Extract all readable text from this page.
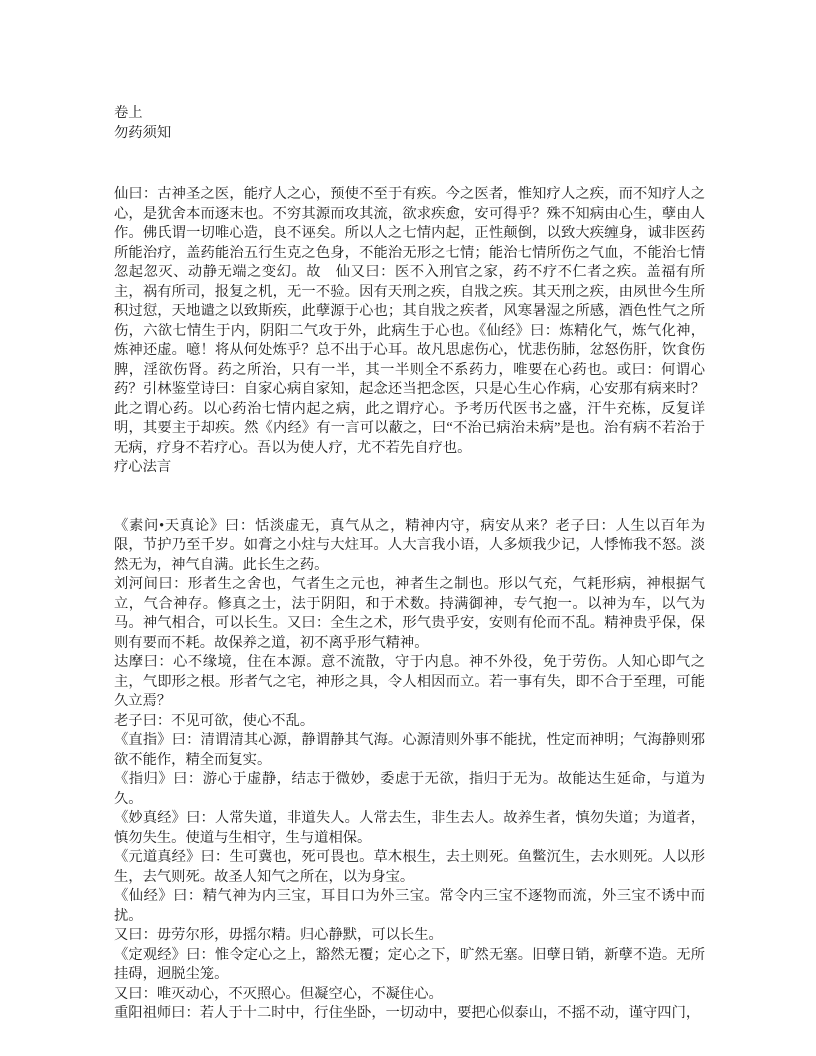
卷上
勿药须知

仙曰：古神圣之医，能疗人之心，预使不至于有疾。今之医者，惟知疗人之疾，而不知疗人之心，是犹舍本而逐末也。不穷其源而攻其流，欲求疾愈，安可得乎？殊不知病由心生，孽由人作。佛氏谓一切唯心造，良不诬矣。所以人之七情内起，正性颠倒，以致大疾缠身，诚非医药所能治疗，盖药能治五行生克之色身，不能治无形之七情；能治七情所伤之气血，不能治七情忽起忽灭、动静无端之变幻。故　仙又曰：医不入刑官之家，药不疗不仁者之疾。盖福有所主，祸有所司，报复之机，无一不验。因有天刑之疾，自戕之疾。其天刑之疾，由夙世今生所积过愆，天地谴之以致斯疾，此孽源于心也；其自戕之疾者，风寒暑湿之所感，酒色性气之所伤，六欲七情生于内，阴阳二气攻于外，此病生于心也。《仙经》曰：炼精化气，炼气化神，炼神还虚。噫！将从何处炼乎？总不出于心耳。故凡思虑伤心，忧悲伤肺，忿怒伤肝，饮食伤脾，淫欲伤肾。药之所治，只有一半，其一半则全不系药力，唯要在心药也。或曰：何谓心药？引林鉴堂诗曰：自家心病自家知，起念还当把念医，只是心生心作病，心安那有病来时？此之谓心药。以心药治七情内起之病，此之谓疗心。予考历代医书之盛，汗牛充栋，反复详明，其要主于却疾。然《内经》有一言可以蔽之，曰“不治已病治未病”是也。治有病不若治于无病，疗身不若疗心。吾以为使人疗，尤不若先自疗也。

疗心法言

《素问•天真论》曰：恬淡虚无，真气从之，精神内守，病安从来？老子曰：人生以百年为限，节护乃至千岁。如膏之小炷与大炷耳。人大言我小语，人多烦我少记，人悸怖我不怒。淡然无为，神气自满。此长生之药。

刘河间曰：形者生之舍也，气者生之元也，神者生之制也。形以气充，气耗形病，神根据气立，气合神存。修真之士，法于阴阳，和于术数。持满御神，专气抱一。以神为车，以气为马。神气相合，可以长生。又曰：全生之术，形气贵乎安，安则有伦而不乱。精神贵乎保，保则有要而不耗。故保养之道，初不离乎形气精神。

达摩曰：心不缘境，住在本源。意不流散，守于内息。神不外役，免于劳伤。人知心即气之主，气即形之根。形者气之宅，神形之具，令人相因而立。若一事有失，即不合于至理，可能久立焉？

老子曰：不见可欲，使心不乱。

《直指》曰：清谓清其心源，静谓静其气海。心源清则外事不能扰，性定而神明；气海静则邪欲不能作，精全而复实。

《指归》曰：游心于虚静，结志于微妙，委虑于无欲，指归于无为。故能达生延命，与道为久。

《妙真经》曰：人常失道，非道失人。人常去生，非生去人。故养生者，慎勿失道；为道者，慎勿失生。使道与生相守，生与道相保。

《元道真经》曰：生可冀也，死可畏也。草木根生，去土则死。鱼鳖沉生，去水则死。人以形生，去气则死。故圣人知气之所在，以为身宝。

《仙经》曰：精气神为内三宝，耳目口为外三宝。常令内三宝不逐物而流，外三宝不诱中而扰。

又曰：毋劳尔形，毋摇尔精。归心静默，可以长生。

《定观经》曰：惟令定心之上，豁然无覆；定心之下，旷然无塞。旧孽日销，新孽不造。无所挂碍，迥脱尘笼。

又曰：唯灭动心，不灭照心。但凝空心，不凝住心。

重阳祖师曰：若人于十二时中，行住坐卧，一切动中，要把心似泰山，不摇不动，谨守四门，
